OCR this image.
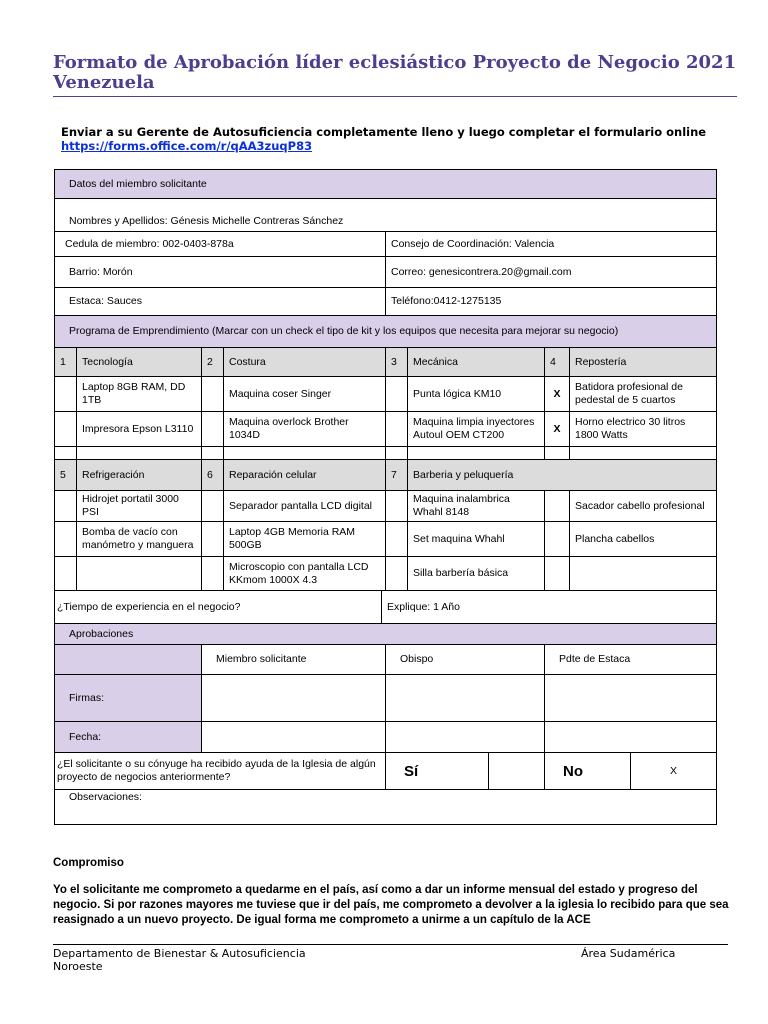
Formato de Aprobación líder eclesiástico Proyecto de Negocio 2021 Venezuela
Enviar a su Gerente de Autosuficiencia completamente lleno y luego completar el formulario online
https://forms.office.com/r/qAA3zuqP83
Datos del miembro solicitante										
Nombres y Apellidos: Génesis Michelle Contreras Sánchez										
Cedula de miembro: 002-0403-878a					Consejo de Coordinación: Valencia					
Barrio: Morón					Correo: genesicontrera.20@gmail.com					
Estaca: Sauces					Teléfono:0412-1275135					
Programa de Emprendimiento (Marcar con un check el tipo de kit y los equipos que necesita para mejorar su negocio)										
1	Tecnología	2	Costura		3	Mecánica		4	Repostería	
	Laptop 8GB RAM, DD 1TB		Maquina coser Singer			Punta lógica KM10		X	Batidora profesional de pedestal de 5 cuartos	
	Impresora Epson L3110		Maquina overlock Brother 1034D			Maquina limpia inyectores Autoul OEM CT200		X	Horno electrico 30 litros 1800 Watts	

5	Refrigeración	6	Reparación celular		7	Barberia y peluquería				
	Hidrojet portatil 3000 PSI		Separador pantalla LCD digital			Maquina inalambrica Whahl 8148			Sacador cabello profesional	
	Bomba de vacío con manómetro y manguera		Laptop 4GB Memoria RAM 500GB			Set maquina Whahl			Plancha cabellos	
			Microscopio con pantalla LCD KKmom 1000X 4.3			Silla barbería básica				
¿Tiempo de experiencia en el negocio?				Explique: 1 Año						
Aprobaciones										
		Miembro solicitante			Obispo			Pdte de Estaca		
Firmas:										
Fecha:										
¿El solicitante o su cónyuge ha recibido ayuda de la Iglesia de algún proyecto de negocios anteriormente?					Sí			No		X
Observaciones:										
Compromiso
Yo el solicitante me comprometo a quedarme en el país, así como a dar un informe mensual del estado y progreso del negocio. Si por razones mayores me tuviese que ir del país, me comprometo a devolver a la iglesia lo recibido para que sea reasignado a un nuevo proyecto. De igual forma me comprometo a unirme a un capítulo de la ACE
Departamento de Bienestar & Autosuficiencia Noroeste
Área Sudamérica
